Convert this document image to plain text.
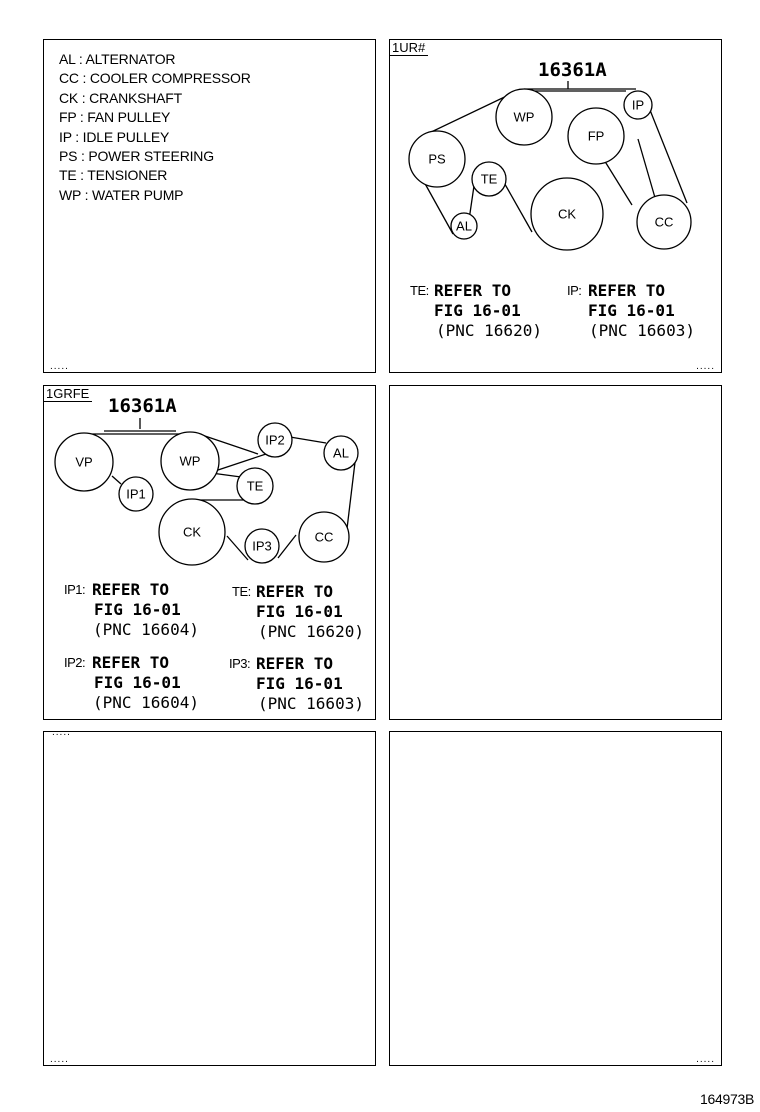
AL : ALTERNATOR
CC : COOLER COMPRESSOR
CK : CRANKSHAFT
FP : FAN PULLEY
IP : IDLE PULLEY
PS : POWER STEERING
TE : TENSIONER
WP : WATER PUMP
.....
1UR#
16361A
WP
IP
PS
FP
TE
CK
AL	CC
TE: REFER TO
FIG 16-01
(PNC 16620)
IP: REFER TO
FIG 16-01
(PNC 16603)
.....
1GRFE
16361A
VP	WP
IP2
AL
IP1
TE
CK
IP3
CC
IP1: REFER TO
FIG 16-01
(PNC 16604)
TE: REFER TO
FIG 16-01
(PNC 16620)
IP2: REFER TO
FIG 16-01
(PNC 16604)
IP3: REFER TO
FIG 16-01
(PNC 16603)
.....
.....	.....
164973B
